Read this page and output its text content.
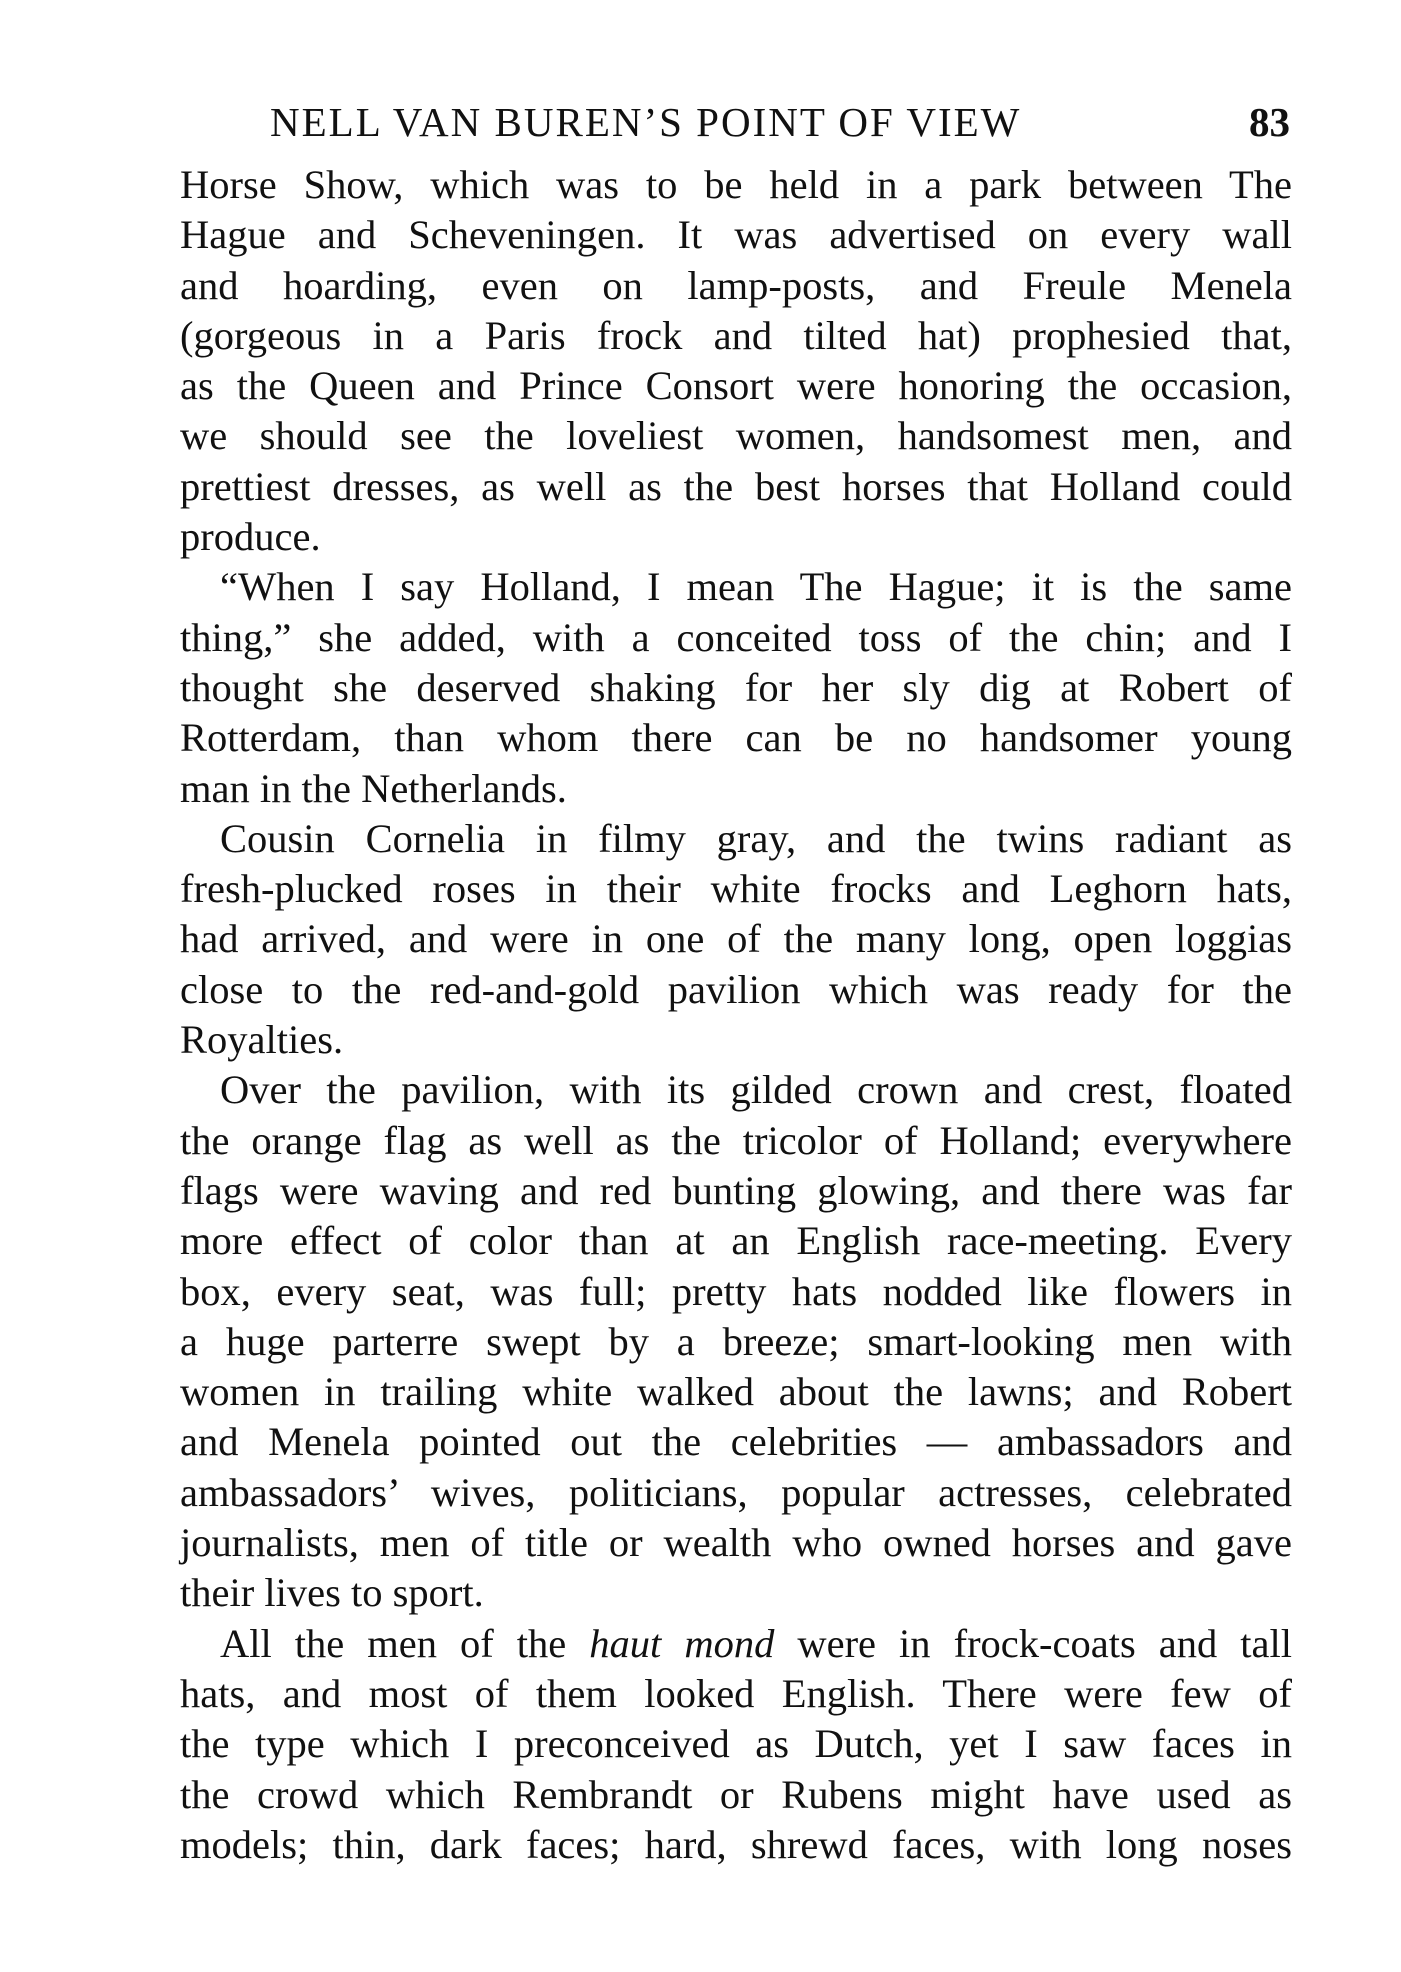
NELL VAN BUREN’S POINT OF VIEW	83
Horse Show, which was to be held in a park between The
Hague and Scheveningen. It was advertised on every wall
and hoarding, even on lamp-posts, and Freule Menela
(gorgeous in a Paris frock and tilted hat) prophesied that,
as the Queen and Prince Consort were honoring the occasion,
we should see the loveliest women, handsomest men, and
prettiest dresses, as well as the best horses that Holland could
produce.
“When I say Holland, I mean The Hague; it is the same
thing,” she added, with a conceited toss of the chin; and I
thought she deserved shaking for her sly dig at Robert of
Rotterdam, than whom there can be no handsomer young
man in the Netherlands.
Cousin Cornelia in filmy gray, and the twins radiant as
fresh-plucked roses in their white frocks and Leghorn hats,
had arrived, and were in one of the many long, open loggias
close to the red-and-gold pavilion which was ready for the
Royalties.
Over the pavilion, with its gilded crown and crest, floated
the orange flag as well as the tricolor of Holland; everywhere
flags were waving and red bunting glowing, and there was far
more effect of color than at an English race-meeting. Every
box, every seat, was full; pretty hats nodded like flowers in
a huge parterre swept by a breeze; smart-looking men with
women in trailing white walked about the lawns; and Robert
and Menela pointed out the celebrities — ambassadors and
ambassadors’ wives, politicians, popular actresses, celebrated
journalists, men of title or wealth who owned horses and gave
their lives to sport.
All the men of the haut mond were in frock-coats and tall
hats, and most of them looked English. There were few of
the type which I preconceived as Dutch, yet I saw faces in
the crowd which Rembrandt or Rubens might have used as
models; thin, dark faces; hard, shrewd faces, with long noses
